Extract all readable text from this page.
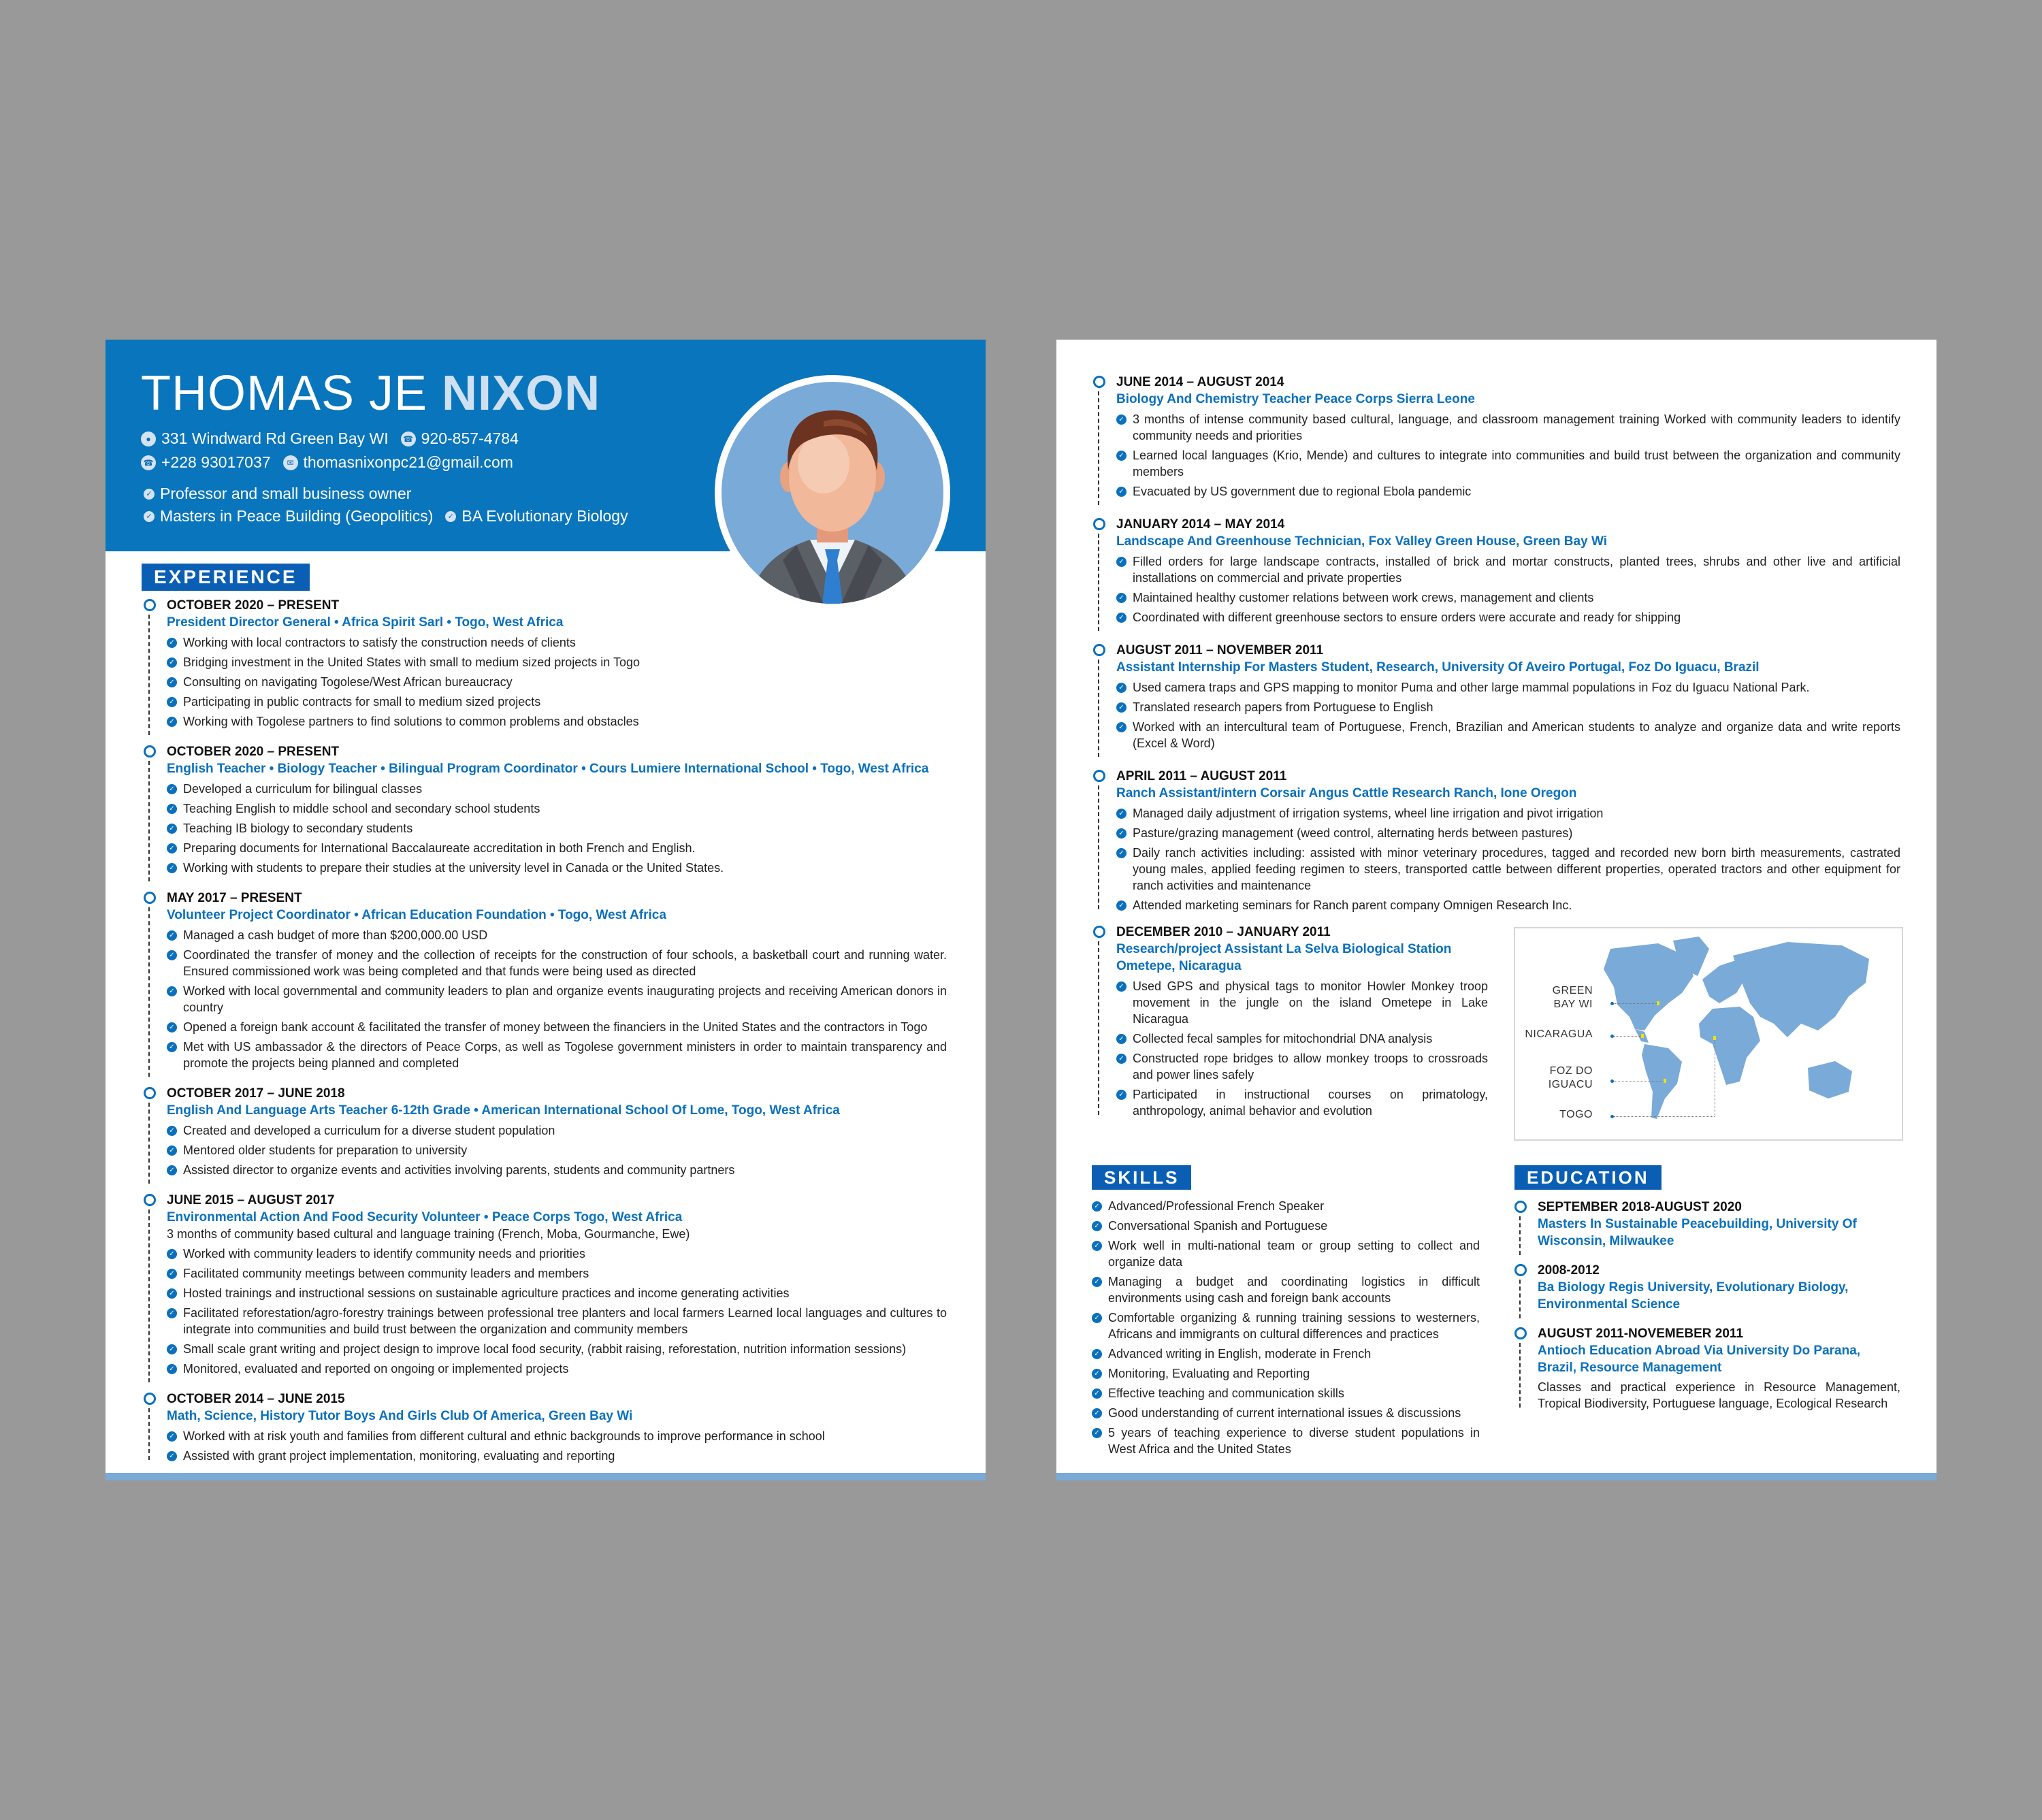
THOMAS JE NIXON
● 331 Windward Rd Green Bay WI ☎ 920-857-4784
☎ +228 93017037	✉ thomasnixonpc21@gmail.com
✓ Professor and small business owner
✓ Masters in Peace Building (Geopolitics)	✓ BA Evolutionary Biology
EXPERIENCE
OCTOBER 2020 – PRESENT
President Director General • Africa Spirit Sarl • Togo, West Africa
✓ Working with local contractors to satisfy the construction needs of clients
✓ Bridging investment in the United States with small to medium sized projects in Togo
✓ Consulting on navigating Togolese/West African bureaucracy
✓ Participating in public contracts for small to medium sized projects
✓ Working with Togolese partners to find solutions to common problems and obstacles
OCTOBER 2020 – PRESENT
English Teacher • Biology Teacher • Bilingual Program Coordinator • Cours Lumiere International School • Togo, West Africa
✓ Developed a curriculum for bilingual classes
✓ Teaching English to middle school and secondary school students
✓ Teaching IB biology to secondary students
✓ Preparing documents for International Baccalaureate accreditation in both French and English.
✓ Working with students to prepare their studies at the university level in Canada or the United States.
MAY 2017 – PRESENT
Volunteer Project Coordinator • African Education Foundation • Togo, West Africa
✓ Managed a cash budget of more than $200,000.00 USD
✓ Coordinated the transfer of money and the collection of receipts for the construction of four schools, a basketball court and running water. Ensured commissioned work was being completed and that funds were being used as directed
✓ Worked with local governmental and community leaders to plan and organize events inaugurating projects and receiving American donors in country
✓ Opened a foreign bank account & facilitated the transfer of money between the financiers in the United States and the contractors in Togo
✓ Met with US ambassador & the directors of Peace Corps, as well as Togolese government ministers in order to maintain transparency and promote the projects being planned and completed
OCTOBER 2017 – JUNE 2018
English And Language Arts Teacher 6-12th Grade • American International School Of Lome, Togo, West Africa
✓ Created and developed a curriculum for a diverse student population
✓ Mentored older students for preparation to university
✓ Assisted director to organize events and activities involving parents, students and community partners
JUNE 2015 – AUGUST 2017
Environmental Action And Food Security Volunteer • Peace Corps Togo, West Africa
3 months of community based cultural and language training (French, Moba, Gourmanche, Ewe)
✓ Worked with community leaders to identify community needs and priorities
✓ Facilitated community meetings between community leaders and members
✓ Hosted trainings and instructional sessions on sustainable agriculture practices and income generating activities
✓ Facilitated reforestation/agro-forestry trainings between professional tree planters and local farmers Learned local languages and cultures to integrate into communities and build trust between the organization and community members
✓ Small scale grant writing and project design to improve local food security, (rabbit raising, reforestation, nutrition information sessions)
✓ Monitored, evaluated and reported on ongoing or implemented projects
OCTOBER 2014 – JUNE 2015
Math, Science, History Tutor Boys And Girls Club Of America, Green Bay Wi
✓ Worked with at risk youth and families from different cultural and ethnic backgrounds to improve performance in school
✓ Assisted with grant project implementation, monitoring, evaluating and reporting
JUNE 2014 – AUGUST 2014
Biology And Chemistry Teacher Peace Corps Sierra Leone
✓ 3 months of intense community based cultural, language, and classroom management training Worked with community leaders to identify community needs and priorities
✓ Learned local languages (Krio, Mende) and cultures to integrate into communities and build trust between the organization and community members
✓ Evacuated by US government due to regional Ebola pandemic
JANUARY 2014 – MAY 2014
Landscape And Greenhouse Technician, Fox Valley Green House, Green Bay Wi
✓ Filled orders for large landscape contracts, installed of brick and mortar constructs, planted trees, shrubs and other live and artificial installations on commercial and private properties
✓ Maintained healthy customer relations between work crews, management and clients
✓ Coordinated with different greenhouse sectors to ensure orders were accurate and ready for shipping
AUGUST 2011 – NOVEMBER 2011
Assistant Internship For Masters Student, Research, University Of Aveiro Portugal, Foz Do Iguacu, Brazil
✓ Used camera traps and GPS mapping to monitor Puma and other large mammal populations in Foz du Iguacu National Park.
✓ Translated research papers from Portuguese to English
✓ Worked with an intercultural team of Portuguese, French, Brazilian and American students to analyze and organize data and write reports (Excel & Word)
APRIL 2011 – AUGUST 2011
Ranch Assistant/intern Corsair Angus Cattle Research Ranch, Ione Oregon
✓ Managed daily adjustment of irrigation systems, wheel line irrigation and pivot irrigation
✓ Pasture/grazing management (weed control, alternating herds between pastures)
✓ Daily ranch activities including: assisted with minor veterinary procedures, tagged and recorded new born birth measurements, castrated young males, applied feeding regimen to steers, transported cattle between different properties, operated tractors and other equipment for ranch activities and maintenance
✓ Attended marketing seminars for Ranch parent company Omnigen Research Inc.
DECEMBER 2010 – JANUARY 2011
Research/project Assistant La Selva Biological Station Ometepe, Nicaragua
✓ Used GPS and physical tags to monitor Howler Monkey troop movement in the jungle on the island Ometepe in Lake Nicaragua
✓ Collected fecal samples for mitochondrial DNA analysis
✓ Constructed rope bridges to allow monkey troops to crossroads and power lines safely
✓ Participated in instructional courses on primatology, anthropology, animal behavior and evolution
GREEN BAY WI
NICARAGUA
FOZ DO IGUACU
TOGO
SKILLS
✓ Advanced/Professional French Speaker
✓ Conversational Spanish and Portuguese
✓ Work well in multi-national team or group setting to collect and organize data
✓ Managing a budget and coordinating logistics in difficult environments using cash and foreign bank accounts
✓ Comfortable organizing & running training sessions to westerners, Africans and immigrants on cultural differences and practices
✓ Advanced writing in English, moderate in French
✓ Monitoring, Evaluating and Reporting
✓ Effective teaching and communication skills
✓ Good understanding of current international issues & discussions
✓ 5 years of teaching experience to diverse student populations in West Africa and the United States
EDUCATION
SEPTEMBER 2018-AUGUST 2020
Masters In Sustainable Peacebuilding, University Of Wisconsin, Milwaukee
2008-2012
Ba Biology Regis University, Evolutionary Biology, Environmental Science
AUGUST 2011-NOVEMEBER 2011
Antioch Education Abroad Via University Do Parana, Brazil, Resource Management
Classes and practical experience in Resource Management, Tropical Biodiversity, Portuguese language, Ecological Research
